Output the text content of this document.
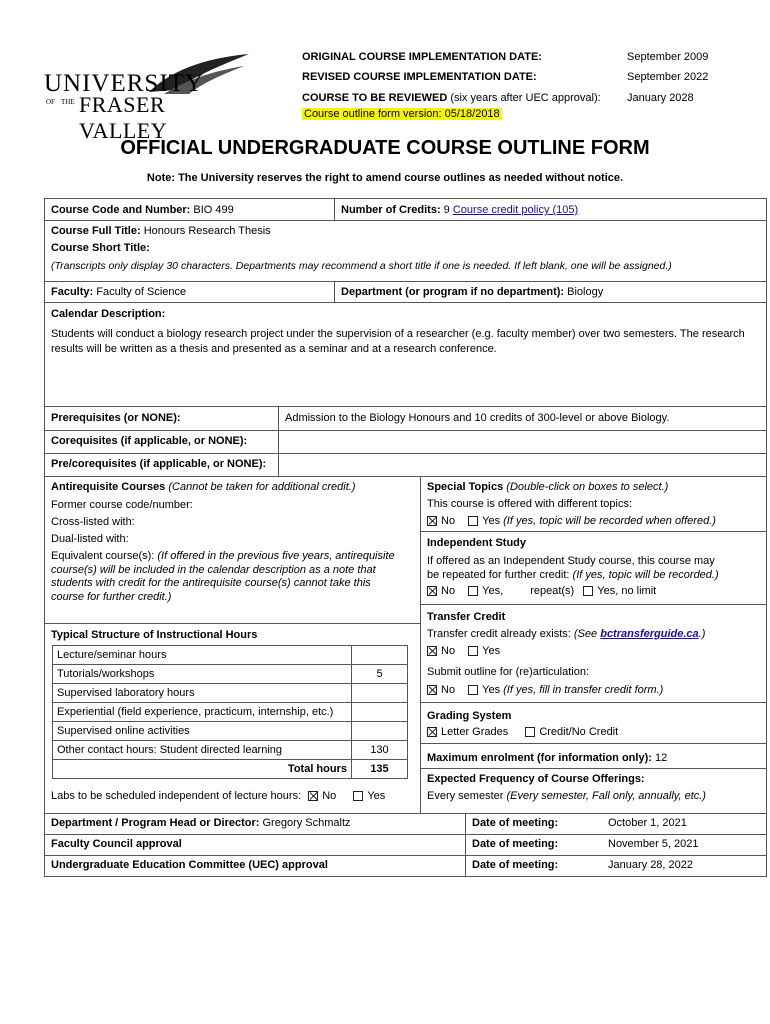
UNIVERSITY
OF THE FRASER VALLEY
ORIGINAL COURSE IMPLEMENTATION DATE:	September 2009
REVISED COURSE IMPLEMENTATION DATE:	September 2022
COURSE TO BE REVIEWED (six years after UEC approval): January 2028
Course outline form version: 05/18/2018
OFFICIAL UNDERGRADUATE COURSE OUTLINE FORM
Note: The University reserves the right to amend course outlines as needed without notice.
Course Code and Number: BIO 499	Number of Credits: 9 Course credit policy (105)
Course Full Title: Honours Research Thesis
Course Short Title:
(Transcripts only display 30 characters. Departments may recommend a short title if one is needed. If left blank, one will be assigned.)
Faculty: Faculty of Science	Department (or program if no department): Biology
Calendar Description:
Students will conduct a biology research project under the supervision of a researcher (e.g. faculty member) over two semesters. The research results will be written as a thesis and presented as a seminar and at a research conference.
Prerequisites (or NONE):	Admission to the Biology Honours and 10 credits of 300-level or above Biology.
Corequisites (if applicable, or NONE):
Pre/corequisites (if applicable, or NONE):
Antirequisite Courses (Cannot be taken for additional credit.)
Former course code/number:
Cross-listed with:
Dual-listed with:
Equivalent course(s): (If offered in the previous five years, antirequisite
course(s) will be included in the calendar description as a note that
students with credit for the antirequisite course(s) cannot take this
course for further credit.)
Typical Structure of Instructional Hours
Lecture/seminar hours	
Tutorials/workshops	5
Supervised laboratory hours	
Experiential (field experience, practicum, internship, etc.)	
Supervised online activities	
Other contact hours: Student directed learning	130
Total hours	135
Labs to be scheduled independent of lecture hours: No	Yes
Special Topics (Double-click on boxes to select.)
This course is offered with different topics:
No Yes (If yes, topic will be recorded when offered.)
Independent Study
If offered as an Independent Study course, this course may
be repeated for further credit: (If yes, topic will be recorded.)
No Yes, repeat(s) Yes, no limit
Transfer Credit
Transfer credit already exists: (See bctransferguide.ca.)
No Yes
Submit outline for (re)articulation:
No Yes (If yes, fill in transfer credit form.)
Grading System
Letter Grades	Credit/No Credit
Maximum enrolment (for information only): 12
Expected Frequency of Course Offerings:
Every semester (Every semester, Fall only, annually, etc.)
Department / Program Head or Director: Gregory Schmaltz	Date of meeting:	October 1, 2021
Faculty Council approval	Date of meeting:	November 5, 2021
Undergraduate Education Committee (UEC) approval	Date of meeting:	January 28, 2022
